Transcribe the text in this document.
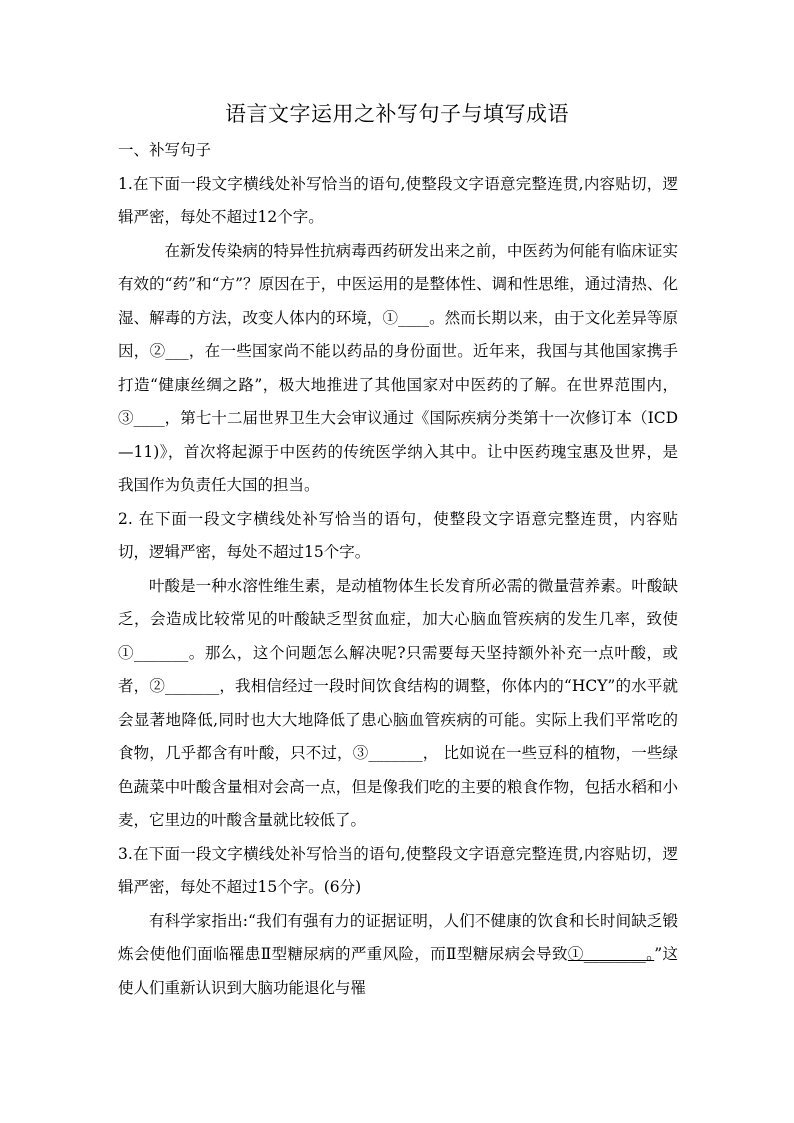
语言文字运用之补写句子与填写成语

一、补写句子

1.在下面一段文字横线处补写恰当的语句,使整段文字语意完整连贯,内容贴切，逻辑严密，每处不超过12个字。

在新发传染病的特异性抗病毒西药研发出来之前，中医药为何能有临床证实有效的“药”和“方”？原因在于，中医运用的是整体性、调和性思维，通过清热、化湿、解毒的方法，改变人体内的环境，①____。然而长期以来，由于文化差异等原因，②___，在一些国家尚不能以药品的身份面世。近年来，我国与其他国家携手打造“健康丝绸之路”，极大地推进了其他国家对中医药的了解。在世界范围内，③____，第七十二届世界卫生大会审议通过《国际疾病分类第十一次修订本（ICD—11)》，首次将起源于中医药的传统医学纳入其中。让中医药瑰宝惠及世界，是我国作为负责任大国的担当。

2. 在下面一段文字横线处补写恰当的语句，使整段文字语意完整连贯，内容贴切，逻辑严密，每处不超过15个字。

叶酸是一种水溶性维生素，是动植物体生长发育所必需的微量营养素。叶酸缺乏，会造成比较常见的叶酸缺乏型贫血症，加大心脑血管疾病的发生几率，致使①_______。那么，这个问题怎么解决呢?只需要每天坚持额外补充一点叶酸，或者，②_______，我相信经过一段时间饮食结构的调整，你体内的“HCY”的水平就会显著地降低,同时也大大地降低了患心脑血管疾病的可能。实际上我们平常吃的食物，几乎都含有叶酸，只不过，③_______， 比如说在一些豆科的植物，一些绿色蔬菜中叶酸含量相对会高一点，但是像我们吃的主要的粮食作物，包括水稻和小麦，它里边的叶酸含量就比较低了。

3.在下面一段文字横线处补写恰当的语句,使整段文字语意完整连贯,内容贴切，逻辑严密，每处不超过15个字。(6分)

有科学家指出:“我们有强有力的证据证明，人们不健康的饮食和长时间缺乏锻炼会使他们面临罹患Ⅱ型糖尿病的严重风险，而Ⅱ型糖尿病会导致①________。”这使人们重新认识到大脑功能退化与罹
